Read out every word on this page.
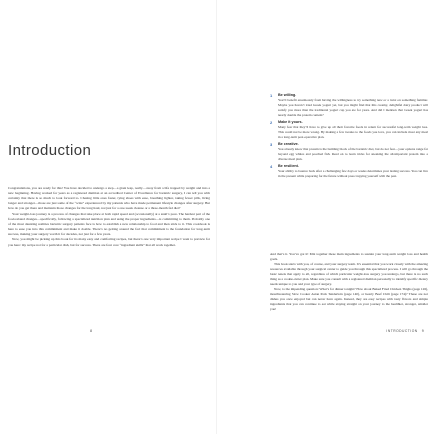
Introduction

Congratulations, you are ready for this! You have decided to undergo a step—a giant leap, really—away from a life trapped by weight and into a new beginning. Having worked for years as a registered dietitian at an accredited Center of Excellence for bariatric surgery, I can tell you with certainty that there is so much to look forward to. Chasing little ones faster, tying shoes with ease, breathing lighter, taking fewer pills, living longer and stronger—those are just some of the “wins” experienced by my patients who have made permanent lifestyle changes after surgery. But how do you get there and maintain those changes for the long haul, not just for a one-week cleanse or a three-month fad diet?

Your weight-loss journey is a process of changes that take place at both rapid speed and (occasionally) at a snail’s pace. The hardest part of the food-related changes—specifically, following a specialized nutrition plan and using the proper ingredients—is committing to them. Probably one of the most daunting realities bariatric surgery patients face is how to establish a new relationship to food and then stick to it. This cookbook is here to ease you into this commitment and make it doable. There’s no getting around the fact that commitment is the foundation for long-term success, making your surgery worth it for decades, not just for a few years.

Now, you might be picking up this book for its many easy and comforting recipes, but there’s one very important recipe I want to preview for you here: my recipe not for a particular dish, but for success. There are four core “ingredient skills” that all work together.

8
1 Be willing.
You’ll benefit enormously from having the willingness to try something new or a twist on something familiar. Maybe you haven’t tried Greek yogurt yet, but you might find that this creamy, delightful dairy product will satisfy you more than the traditional yogurt cup you ate for years. And did I mention that Greek yogurt has nearly double the protein content?
2 Make it yours.
Many fear that they’ll have to give up all their favorite foods in return for successful long-term weight loss. This could not be more wrong. By making a few tweaks to the foods you love, you can include most any meal in a long-term post-operative plan.
3 Be creative.
You already know that protein is the building block of the bariatric diet, but do not fear—your options range far beyond egg whites and poached fish. Read on to learn tricks for sneaking the all-important protein into a diverse meal plan.
4 Be resilient.
Your ability to bounce back after a challenging few days or weeks determines your lasting success. You can live in the present while preparing for the future without preoccupying yourself with the past.

And that’s it. You’ve got it! Mix together these main ingredients to sustain your long-term weight loss and health goals.

This book starts with you, of course, and your surgery team. It’s essential that you work closely with the amazing resources available through your surgical center to guide you through this specialized process. I will go through the basic tenets that apply to all, regardless of which particular weight-loss surgery you undergo, but there is no such thing as a cookie-cutter plan. Make sure you consult with a registered dietitian personally to identify specific dietary needs unique to you and your type of surgery.

Now, to the impending question: What’s for dinner tonight? How about Baked Fried Chicken Thighs (page 126), mouthwatering Slow Cooker Asian Pork Tenderloin (page 140), or hearty Beef Chili (page 174)? These are not dishes you once enjoyed but can never have again. Instead, they are easy recipes with tasty flavors and simple ingredients that you can continue to eat while staying straight on your journey to the healthier, stronger, smaller you!

INTRODUCTION 9
